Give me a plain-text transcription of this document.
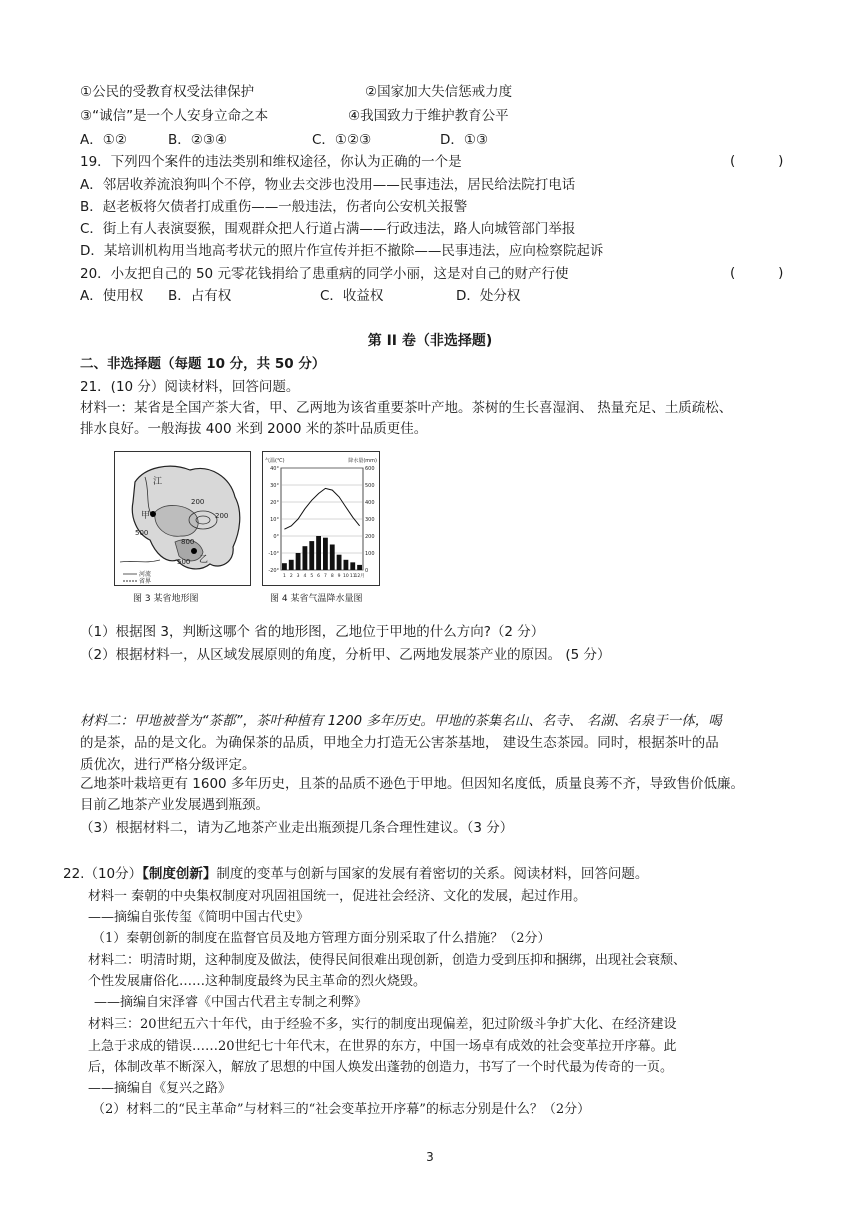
①公民的受教育权受法律保护	②国家加大失信惩戒力度
③“诚信”是一个人安身立命之本	④我国致力于维护教育公平
A．①②	B．②③④	C．①②③	D．①③
19．下列四个案件的违法类别和维权途径，你认为正确的一个是	(          )
A．邻居收养流浪狗叫个不停，物业去交涉也没用——民事违法，居民给法院打电话
B．赵老板将欠债者打成重伤——一般违法，伤者向公安机关报警
C．街上有人表演耍猴，围观群众把人行道占满——行政违法，路人向城管部门举报
D．某培训机构用当地高考状元的照片作宣传并拒不撤除——民事违法，应向检察院起诉
20．小友把自己的 50 元零花钱捐给了患重病的同学小丽，这是对自己的财产行使	(          )
A．使用权 B．占有权	C．收益权	D．处分权
第 II 卷（非选择题)
二、非选择题（每题 10 分，共 50 分）
21．(10 分）阅读材料，回答问题。
材料一：某省是全国产茶大省，甲、乙两地为该省重要茶叶产地。茶树的生长喜湿润、 热量充足、土质疏松、
排水良好。一般海拔 400 米到 2000 米的茶叶品质更佳。
江
甲
乙
200
500
800
200
500
河流
省界
图 3 某省地形图
40°	600
30°	500
20°	400
10°	300
0°	200
-10°	100
-20°	0
气温(℃)	降水量(mm)
1 2 3 4 5 6 7 8 9 10 11
12月
图 4 某省气温降水量图
（1）根据图 3，判断这哪个 省的地形图，乙地位于甲地的什么方向?（2 分）
（2）根据材料一，从区域发展原则的角度，分析甲、乙两地发展茶产业的原因。 (5 分）
材料二：甲地被誉为“茶都”，茶叶种植有 1200 多年历史。甲地的茶集名山、名寺、 名湖、名泉于一体，喝
的是茶，品的是文化。为确保茶的品质，甲地全力打造无公害茶基地， 建设生态茶园。同时，根据茶叶的品
质优次，进行严格分级评定。
乙地茶叶栽培更有 1600 多年历史，且茶的品质不逊色于甲地。但因知名度低，质量良莠不齐，导致售价低廉。
目前乙地茶产业发展遇到瓶颈。
（3）根据材料二，请为乙地茶产业走出瓶颈提几条合理性建议。（3 分）
22.（10分）【制度创新】制度的变革与创新与国家的发展有着密切的关系。阅读材料，回答问题。
材料一 秦朝的中央集权制度对巩固祖国统一，促进社会经济、文化的发展，起过作用。
——摘编自张传玺《简明中国古代史》
（1）秦朝创新的制度在监督官员及地方管理方面分别采取了什么措施？（2分）
材料二：明清时期，这种制度及做法，使得民间很难出现创新，创造力受到压抑和捆绑，出现社会衰颓、
个性发展庸俗化……这种制度最终为民主革命的烈火烧毁。
——摘编自宋泽睿《中国古代君主专制之利弊》
材料三：20世纪五六十年代，由于经验不多，实行的制度出现偏差，犯过阶级斗争扩大化、在经济建设
上急于求成的错误……20世纪七十年代末，在世界的东方，中国一场卓有成效的社会变革拉开序幕。此
后，体制改革不断深入，解放了思想的中国人焕发出蓬勃的创造力，书写了一个时代最为传奇的一页。
——摘编自《复兴之路》
（2）材料二的“民主革命”与材料三的“社会变革拉开序幕”的标志分别是什么？（2分）
3
